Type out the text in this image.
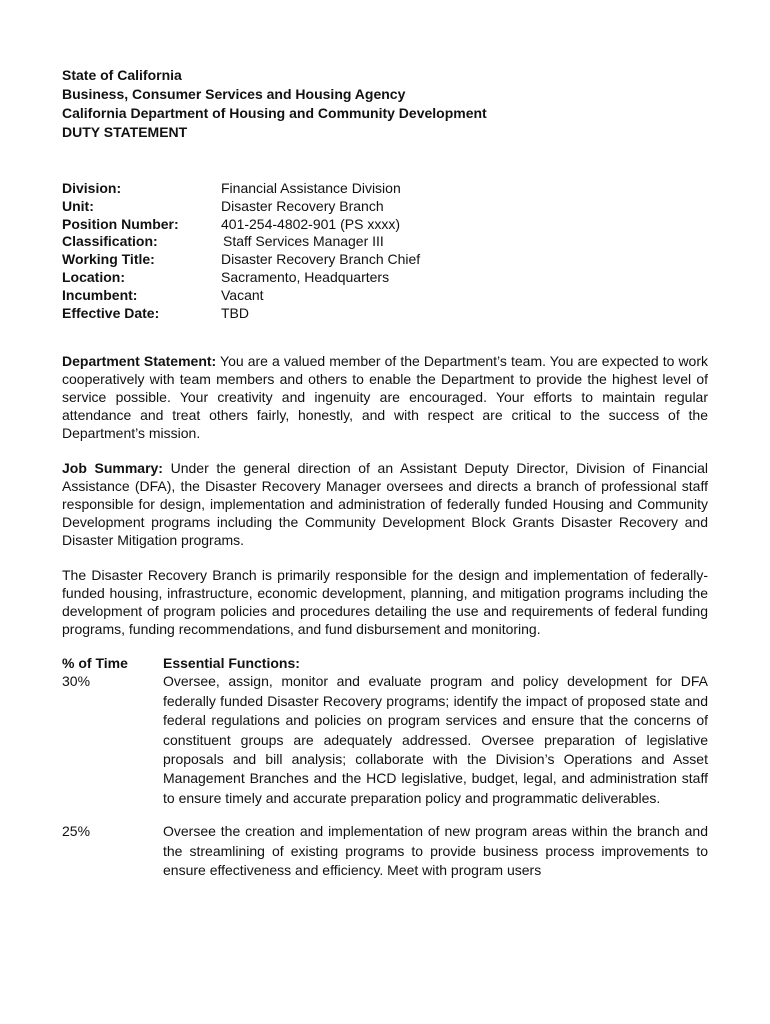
State of California

Business, Consumer Services and Housing Agency

California Department of Housing and Community Development

DUTY STATEMENT

Division:	Financial Assistance Division
Unit:	Disaster Recovery Branch
Position Number:	401-254-4802-901 (PS xxxx)
Classification:	Staff Services Manager III
Working Title:	Disaster Recovery Branch Chief
Location:	Sacramento, Headquarters
Incumbent:	Vacant
Effective Date:	TBD

Department Statement: You are a valued member of the Department’s team. You are expected to work cooperatively with team members and others to enable the Department to provide the highest level of service possible. Your creativity and ingenuity are encouraged. Your efforts to maintain regular attendance and treat others fairly, honestly, and with respect are critical to the success of the Department’s mission.

Job Summary: Under the general direction of an Assistant Deputy Director, Division of Financial Assistance (DFA), the Disaster Recovery Manager oversees and directs a branch of professional staff responsible for design, implementation and administration of federally funded Housing and Community Development programs including the Community Development Block Grants Disaster Recovery and Disaster Mitigation programs.

The Disaster Recovery Branch is primarily responsible for the design and implementation of federally-funded housing, infrastructure, economic development, planning, and mitigation programs including the development of program policies and procedures detailing the use and requirements of federal funding programs, funding recommendations, and fund disbursement and monitoring.

% of Time	Essential Functions:
30%	Oversee, assign, monitor and evaluate program and policy development for DFA federally funded Disaster Recovery programs; identify the impact of proposed state and federal regulations and policies on program services and ensure that the concerns of constituent groups are adequately addressed. Oversee preparation of legislative proposals and bill analysis; collaborate with the Division’s Operations and Asset Management Branches and the HCD legislative, budget, legal, and administration staff to ensure timely and accurate preparation policy and programmatic deliverables.
25%	Oversee the creation and implementation of new program areas within the branch and the streamlining of existing programs to provide business process improvements to ensure effectiveness and efficiency. Meet with program users
